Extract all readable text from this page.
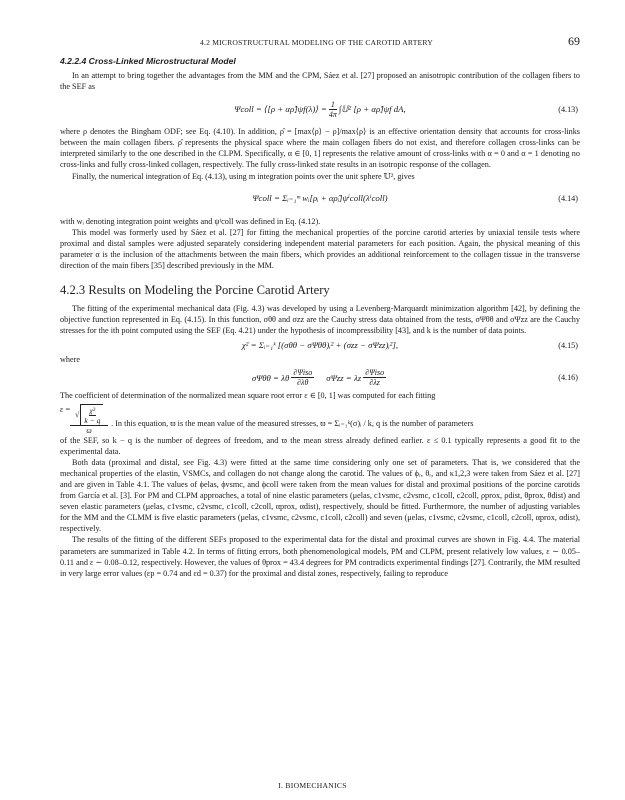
4.2 MICROSTRUCTURAL MODELING OF THE CAROTID ARTERY	69
4.2.2.4 Cross-Linked Microstructural Model

In an attempt to bring together the advantages from the MM and the CPM, Sáez et al. [27] proposed an anisotropic contribution of the collagen fibers to the SEF as

Ψcoll = ⟨[ρ + αρ̂]ψf(λ)⟩ = $\frac{1}{4\pi}$ ∫𝕌² [ρ + αρ̂]ψf dA,	(4.13)

where ρ denotes the Bingham ODF; see Eq. (4.10). In addition, ρ̂ = [max⟨ρ⟩ − ρ]/max⟨ρ⟩ is an effective orientation density that accounts for cross-links between the main collagen fibers. ρ̂ represents the physical space where the main collagen fibers do not exist, and therefore collagen cross-links can be interpreted similarly to the one described in the CLPM. Specifically, α ∈ [0, 1] represents the relative amount of cross-links with α = 0 and α = 1 denoting no cross-links and fully cross-linked collagen, respectively. The fully cross-linked state results in an isotropic response of the collagen.

Finally, the numerical integration of Eq. (4.13), using m integration points over the unit sphere 𝕌², gives

Ψcoll = Σᵢ₌₁ᵐ wᵢ[ρᵢ + αρ̂ᵢ]ψⁱcoll(λⁱcoll)	(4.14)

with wᵢ denoting integration point weights and ψⁱcoll was defined in Eq. (4.12).

This model was formerly used by Sáez et al. [27] for fitting the mechanical properties of the porcine carotid arteries by uniaxial tensile tests where proximal and distal samples were adjusted separately considering independent material parameters for each position. Again, the physical meaning of this parameter α is the inclusion of the attachments between the main fibers, which provides an additional reinforcement to the collagen tissue in the transverse direction of the main fibers [35] described previously in the MM.

4.2.3 Results on Modeling the Porcine Carotid Artery

The fitting of the experimental mechanical data (Fig. 4.3) was developed by using a Levenberg-Marquardt minimization algorithm [42], by defining the objective function represented in Eq. (4.15). In this function, σθθ and σzz are the Cauchy stress data obtained from the tests, σΨθθ and σΨzz are the Cauchy stresses for the ith point computed using the SEF (Eq. 4.21) under the hypothesis of incompressibility [43], and k is the number of data points.

χ² = Σᵢ₌₁ᵏ [(σθθ − σΨθθ)ᵢ² + (σzz − σΨzz)ᵢ²],	(4.15)

where

σΨθθ = λθ $\frac{\text{∂Ψiso}}{\partial\lambda\theta}$ σΨzz = λz $\frac{\text{∂Ψiso}}{\partial\lambda z}$	(4.16)

The coefficient of determination of the normalized mean square root error ε ∈ [0, 1] was computed for each fitting

$\varepsilon = \frac{√ \frac{\text{χ²}}{k - q}}{ϖ}$ . In this equation, ϖ is the mean value of the measured stresses, ϖ = Σᵢ₌₁ᵏ(σ)ᵢ / k, q is the number of parameters

of the SEF, so k − q is the number of degrees of freedom, and ϖ the mean stress already defined earlier. ε ≤ 0.1 typically represents a good fit to the experimental data.

Both data (proximal and distal, see Fig. 4.3) were fitted at the same time considering only one set of parameters. That is, we considered that the mechanical properties of the elastin, VSMCs, and collagen do not change along the carotid. The values of ϕᵣ, θᵣ, and κ1,2,3 were taken from Sáez et al. [27] and are given in Table 4.1. The values of ϕelas, ϕvsmc, and ϕcoll were taken from the mean values for distal and proximal positions of the porcine carotids from García et al. [3]. For PM and CLPM approaches, a total of nine elastic parameters (μelas, c1vsmc, c2vsmc, c1coll, c2coll, ρprox, ρdist, θprox, θdist) and seven elastic parameters (μelas, c1vsmc, c2vsmc, c1coll, c2coll, αprox, αdist), respectively, should be fitted. Furthermore, the number of adjusting variables for the MM and the CLMM is five elastic parameters (μelas, c1vsmc, c2vsmc, c1coll, c2coll) and seven (μelas, c1vsmc, c2vsmc, c1coll, c2coll, αprox, αdist), respectively.

The results of the fitting of the different SEFs proposed to the experimental data for the distal and proximal curves are shown in Fig. 4.4. The material parameters are summarized in Table 4.2. In terms of fitting errors, both phenomenological models, PM and CLPM, present relatively low values, ε ∼ 0.05–0.11 and ε ∼ 0.08–0.12, respectively. However, the values of θprox = 43.4 degrees for PM contradicts experimental findings [27]. Contrarily, the MM resulted in very large error values (εp = 0.74 and εd = 0.37) for the proximal and distal zones, respectively, failing to reproduce

I. BIOMECHANICS
